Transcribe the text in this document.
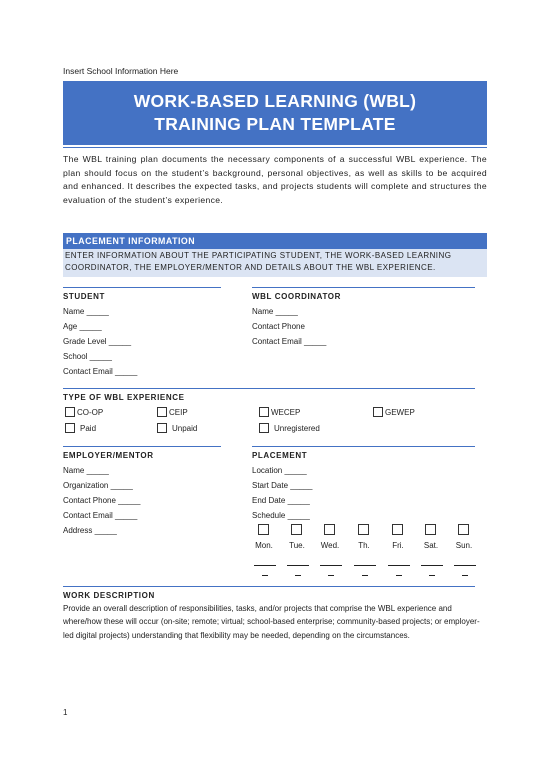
Insert School Information Here
WORK-BASED LEARNING (WBL)
TRAINING PLAN TEMPLATE
The WBL training plan documents the necessary components of a successful WBL experience. The plan should focus on the student’s background, personal objectives, as well as skills to be acquired and enhanced. It describes the expected tasks, and projects students will complete and structures the evaluation of the student’s experience.
PLACEMENT INFORMATION
ENTER INFORMATION ABOUT THE PARTICIPATING STUDENT, THE WORK-BASED LEARNING COORDINATOR, THE EMPLOYER/MENTOR AND DETAILS ABOUT THE WBL EXPERIENCE.
STUDENT	WBL COORDINATOR
Name _____
Age _____
Grade Level _____
School _____
Contact Email _____
Name _____
Contact Phone
Contact Email _____
TYPE OF WBL EXPERIENCE
CO-OP	CEIP	WECEP	GEWEP
Paid	Unpaid	Unregistered
EMPLOYER/MENTOR	PLACEMENT
Name _____
Organization _____
Contact Phone _____
Contact Email _____
Address _____
Location _____
Start Date _____
End Date _____
Schedule _____
Mon.	Tue.	Wed.	Th.	Fri.	Sat.	Sun.
WORK DESCRIPTION
Provide an overall description of responsibilities, tasks, and/or projects that comprise the WBL experience and where/how these will occur (on-site; remote; virtual; school-based enterprise; community-based projects; or employer-led digital projects) understanding that flexibility may be needed, depending on the circumstances.
1
